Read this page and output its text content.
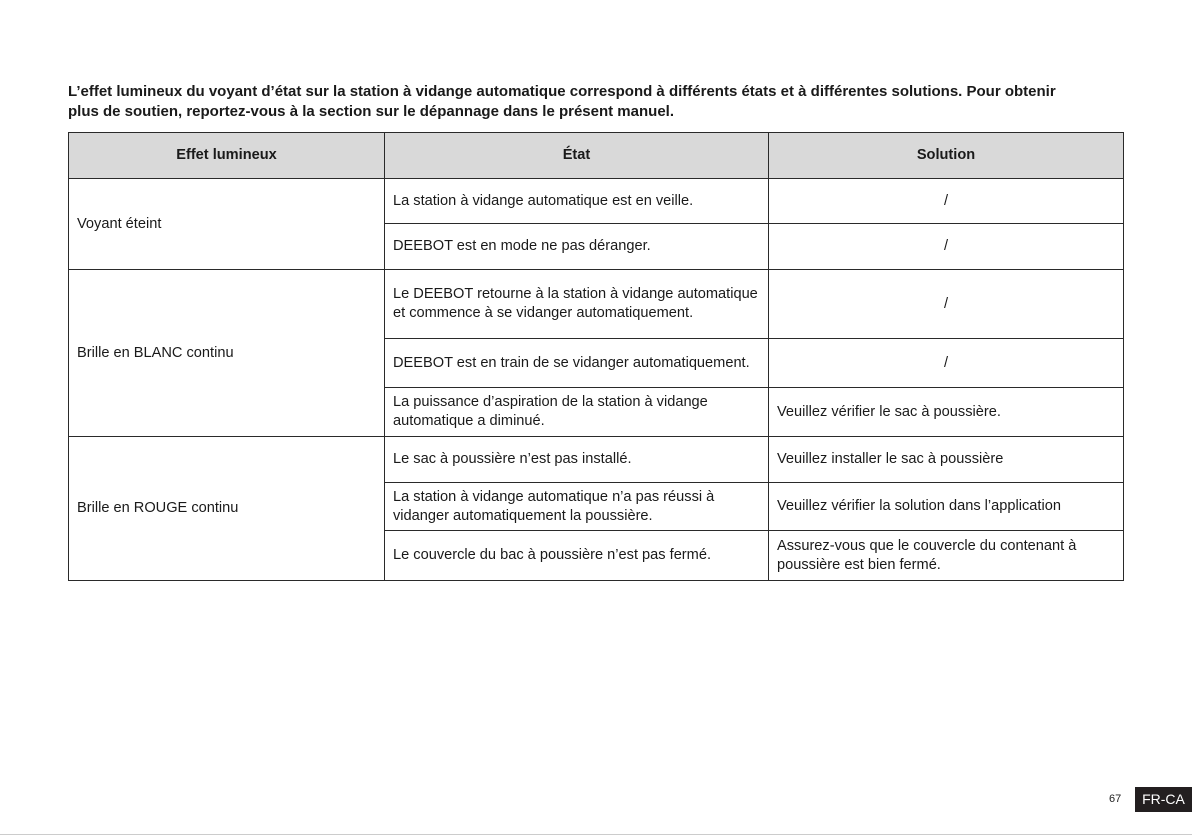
L’effet lumineux du voyant d’état sur la station à vidange automatique correspond à différents états et à différentes solutions. Pour obtenir

plus de soutien, reportez-vous à la section sur le dépannage dans le présent manuel.

Effet lumineux	État	Solution
Voyant éteint	La station à vidange automatique est en veille.	/
	DEEBOT est en mode ne pas déranger.	/
Brille en BLANC continu	Le DEEBOT retourne à la station à vidange automatique et commence à se vidanger automatiquement.	/
	DEEBOT est en train de se vidanger automatiquement.	/
	La puissance d’aspiration de la station à vidange automatique a diminué.	Veuillez vérifier le sac à poussière.
Brille en ROUGE continu	Le sac à poussière n’est pas installé.	Veuillez installer le sac à poussière
	La station à vidange automatique n’a pas réussi à vidanger automatiquement la poussière.	Veuillez vérifier la solution dans l’application
	Le couvercle du bac à poussière n’est pas fermé.	Assurez-vous que le couvercle du contenant à poussière est bien fermé.
67	FR-CA
